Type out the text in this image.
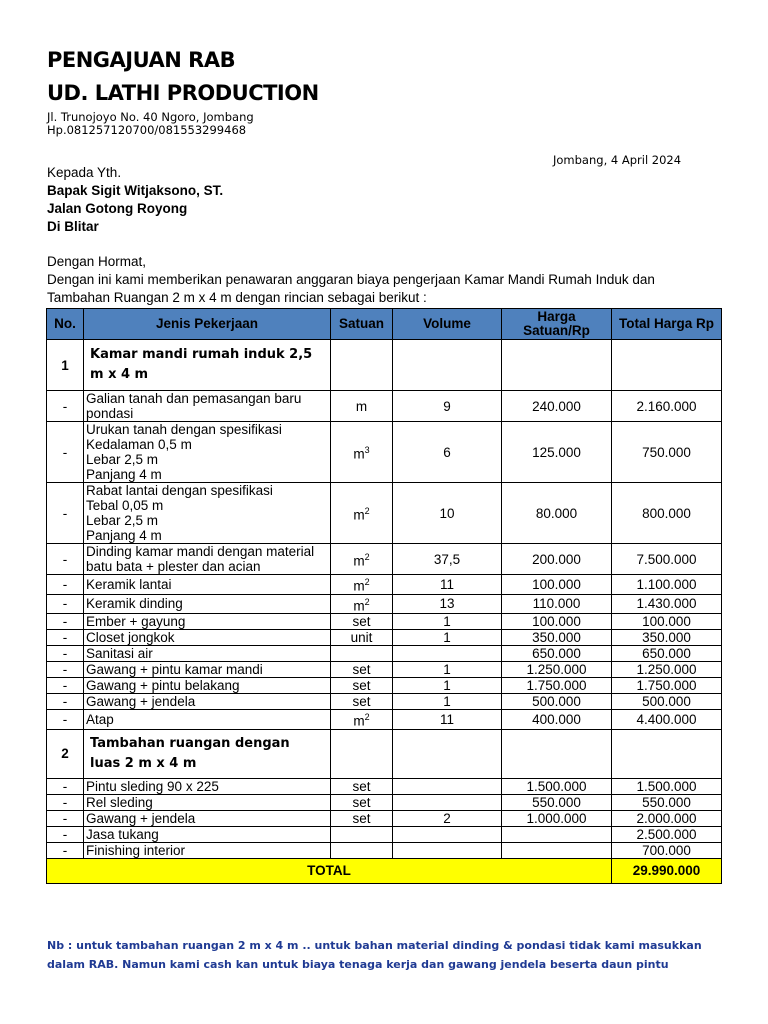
PENGAJUAN RAB
UD. LATHI PRODUCTION
Jl. Trunojoyo No. 40 Ngoro, Jombang
Hp.081257120700/081553299468
Jombang, 4 April 2024
Kepada Yth.
Bapak Sigit Witjaksono, ST.
Jalan Gotong Royong
Di Blitar
Dengan Hormat,
Dengan ini kami memberikan penawaran anggaran biaya pengerjaan Kamar Mandi Rumah Induk dan
Tambahan Ruangan 2 m x 4 m dengan rincian sebagai berikut :
No.	Jenis Pekerjaan	Satuan	Volume	Harga Satuan/Rp	Total Harga Rp
1	Kamar mandi rumah induk 2,5 m x 4 m				
-	Galian tanah dan pemasangan baru pondasi	m	9	240.000	2.160.000
-	Urukan tanah dengan spesifikasi
Kedalaman 0,5 m
Lebar 2,5 m
Panjang 4 m	$m^3$	6	125.000	750.000
-	Rabat lantai dengan spesifikasi
Tebal 0,05 m
Lebar 2,5 m
Panjang 4 m	$m^2$	10	80.000	800.000
-	Dinding kamar mandi dengan material batu bata + plester dan acian	$m^2$	37,5	200.000	7.500.000
-	Keramik lantai	$m^2$	11	100.000	1.100.000
-	Keramik dinding	$m^2$	13	110.000	1.430.000
-	Ember + gayung	set	1	100.000	100.000
-	Closet jongkok	unit	1	350.000	350.000
-	Sanitasi air			650.000	650.000
-	Gawang + pintu kamar mandi	set	1	1.250.000	1.250.000
-	Gawang + pintu belakang	set	1	1.750.000	1.750.000
-	Gawang + jendela	set	1	500.000	500.000
-	Atap	$m^2$	11	400.000	4.400.000
2	Tambahan ruangan dengan luas 2 m x 4 m				
-	Pintu sleding 90 x 225	set		1.500.000	1.500.000
-	Rel sleding	set		550.000	550.000
-	Gawang + jendela	set	2	1.000.000	2.000.000
-	Jasa tukang				2.500.000
-	Finishing interior				700.000
TOTAL					29.990.000
Nb : untuk tambahan ruangan 2 m x 4 m .. untuk bahan material dinding & pondasi tidak kami masukkan dalam RAB. Namun kami cash kan untuk biaya tenaga kerja dan gawang jendela beserta daun pintu
